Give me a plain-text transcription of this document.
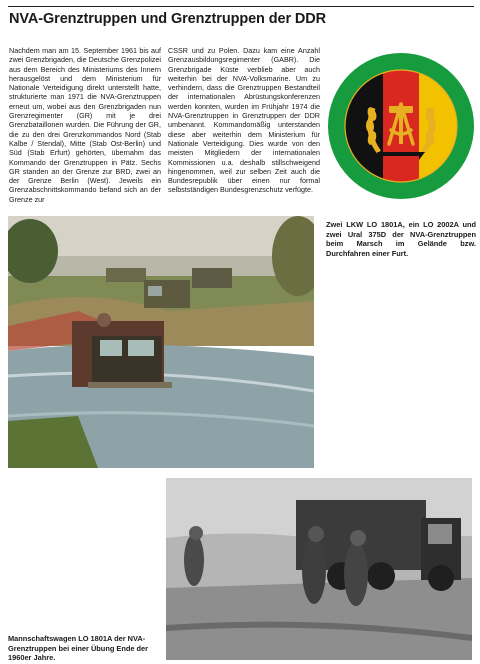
NVA-Grenztruppen und Grenztruppen der DDR
Nachdem man am 15. September 1961 bis auf zwei Grenzbrigaden, die Deutsche Grenzpolizei aus dem Bereich des Ministeriums des Innern herausgelöst und dem Ministerium für Nationale Verteidigung direkt unterstellt hatte, strukturierte man 1971 die NVA-Grenztruppen erneut um, wobei aus den Grenzbrigaden nun Grenzregimenter (GR) mit je drei Grenzbataillonen wurden. Die Führung der GR, die zu den drei Grenzkommandos Nord (Stab Kalbe / Stendal), Mitte (Stab Ost-Berlin) und Süd (Stab Erfurt) gehörten, übernahm das Kommando der Grenztruppen in Pätz. Sechs GR standen an der Grenze zur BRD, zwei an der Grenze Berlin (West). Jeweils ein Grenzabschnittskommando befand sich an der Grenze zur
CSSR und zu Polen. Dazu kam eine Anzahl Grenzausbildungsregimenter (GABR). Die Grenzbrigade Küste verblieb aber auch weiterhin bei der NVA-Volksmarine. Um zu verhindern, dass die Grenztruppen Bestandteil der internationalen Abrüstungskonferenzen werden konnten, wurden im Frühjahr 1974 die NVA-Grenztruppen in Grenztruppen der DDR umbenannt. Kommandomäßig unterstanden diese aber weiterhin dem Ministerium für Nationale Verteidigung. Dies wurde von den meisten Mitgliedern der internationalen Kommissionen u.a. deshalb stillschweigend hingenommen, weil zur selben Zeit auch die Bundesrepublik über einen nur formal selbstständigen Bundesgrenzschutz verfügte.
Zwei LKW LO 1801A, ein LO 2002A und zwei Ural 375D der NVA-Grenztruppen beim Marsch im Gelände bzw. Durchfahren einer Furt.
Mannschaftswagen LO 1801A der NVA-Grenztruppen bei einer Übung Ende der 1960er Jahre.
